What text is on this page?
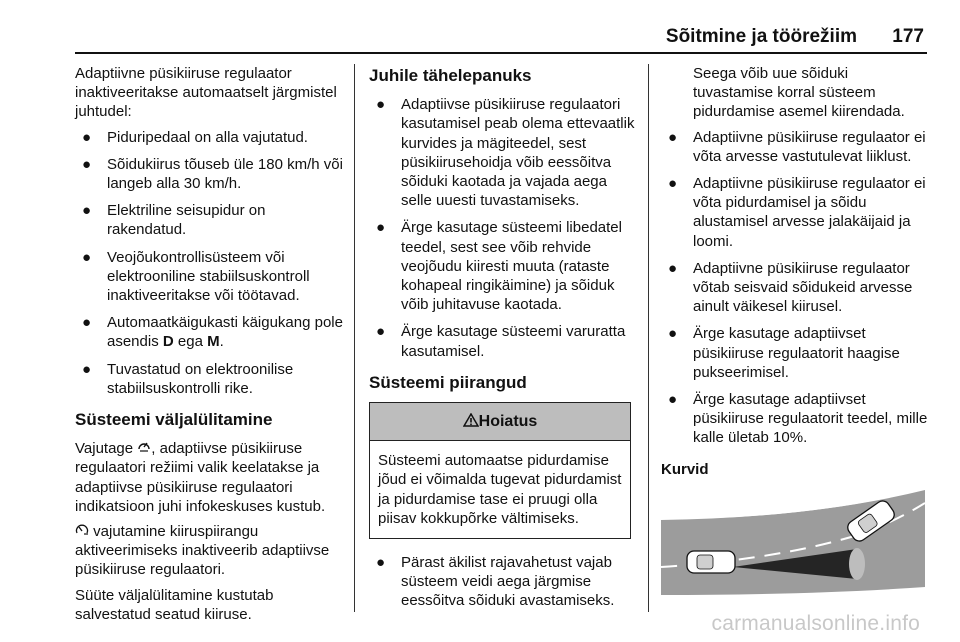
Sõitmine ja töörežiim 177

Adaptiivne püsikiiruse regulaator inaktiveeritakse automaatselt järgmistel juhtudel:

● Piduripedaal on alla vajutatud.
● Sõidukiirus tõuseb üle 180 km/h või langeb alla 30 km/h.
● Elektriline seisupidur on rakendatud.
● Veojõukontrollisüsteem või elektrooniline stabiilsuskontroll inaktiveeritakse või töötavad.
● Automaatkäigukasti käigukang pole asendis D ega M.
● Tuvastatud on elektroonilise stabiilsuskontrolli rike.
Süsteemi väljalülitamine

Vajutage , adaptiivse püsikiiruse regulaatori režiimi valik keelatakse ja adaptiivse püsikiiruse regulaatori indikatsioon juhi infokeskuses kustub.

vajutamine kiiruspiirangu aktiveerimiseks inaktiveerib adaptiivse püsikiiruse regulaatori.

Süüte väljalülitamine kustutab salvestatud seatud kiiruse.

Juhile tähelepanuks
● Adaptiivse püsikiiruse regulaatori kasutamisel peab olema ettevaatlik kurvides ja mägiteedel, sest püsikiirusehoidja võib eessõitva sõiduki kaotada ja vajada aega selle uuesti tuvastamiseks.
● Ärge kasutage süsteemi libedatel teedel, sest see võib rehvide veojõudu kiiresti muuta (rataste kohapeal ringikäimine) ja sõiduk võib juhitavuse kaotada.
● Ärge kasutage süsteemi varuratta kasutamisel.
Süsteemi piirangud
Hoiatus
Süsteemi automaatse pidurdamise jõud ei võimalda tugevat pidurdamist ja pidurdamise tase ei pruugi olla piisav kokkupõrke vältimiseks.
● Pärast äkilist rajavahetust vajab süsteem veidi aega järgmise eessõitva sõiduki avastamiseks.

Seega võib uue sõiduki tuvastamise korral süsteem pidurdamise asemel kiirendada.

● Adaptiivne püsikiiruse regulaator ei võta arvesse vastutulevat liiklust.
● Adaptiivne püsikiiruse regulaator ei võta pidurdamisel ja sõidu alustamisel arvesse jalakäijaid ja loomi.
● Adaptiivne püsikiiruse regulaator võtab seisvaid sõidukeid arvesse ainult väikesel kiirusel.
● Ärge kasutage adaptiivset püsikiiruse regulaatorit haagise pukseerimisel.
● Ärge kasutage adaptiivset püsikiiruse regulaatorit teedel, mille kalle ületab 10%.
Kurvid
carmanualsonline.info
